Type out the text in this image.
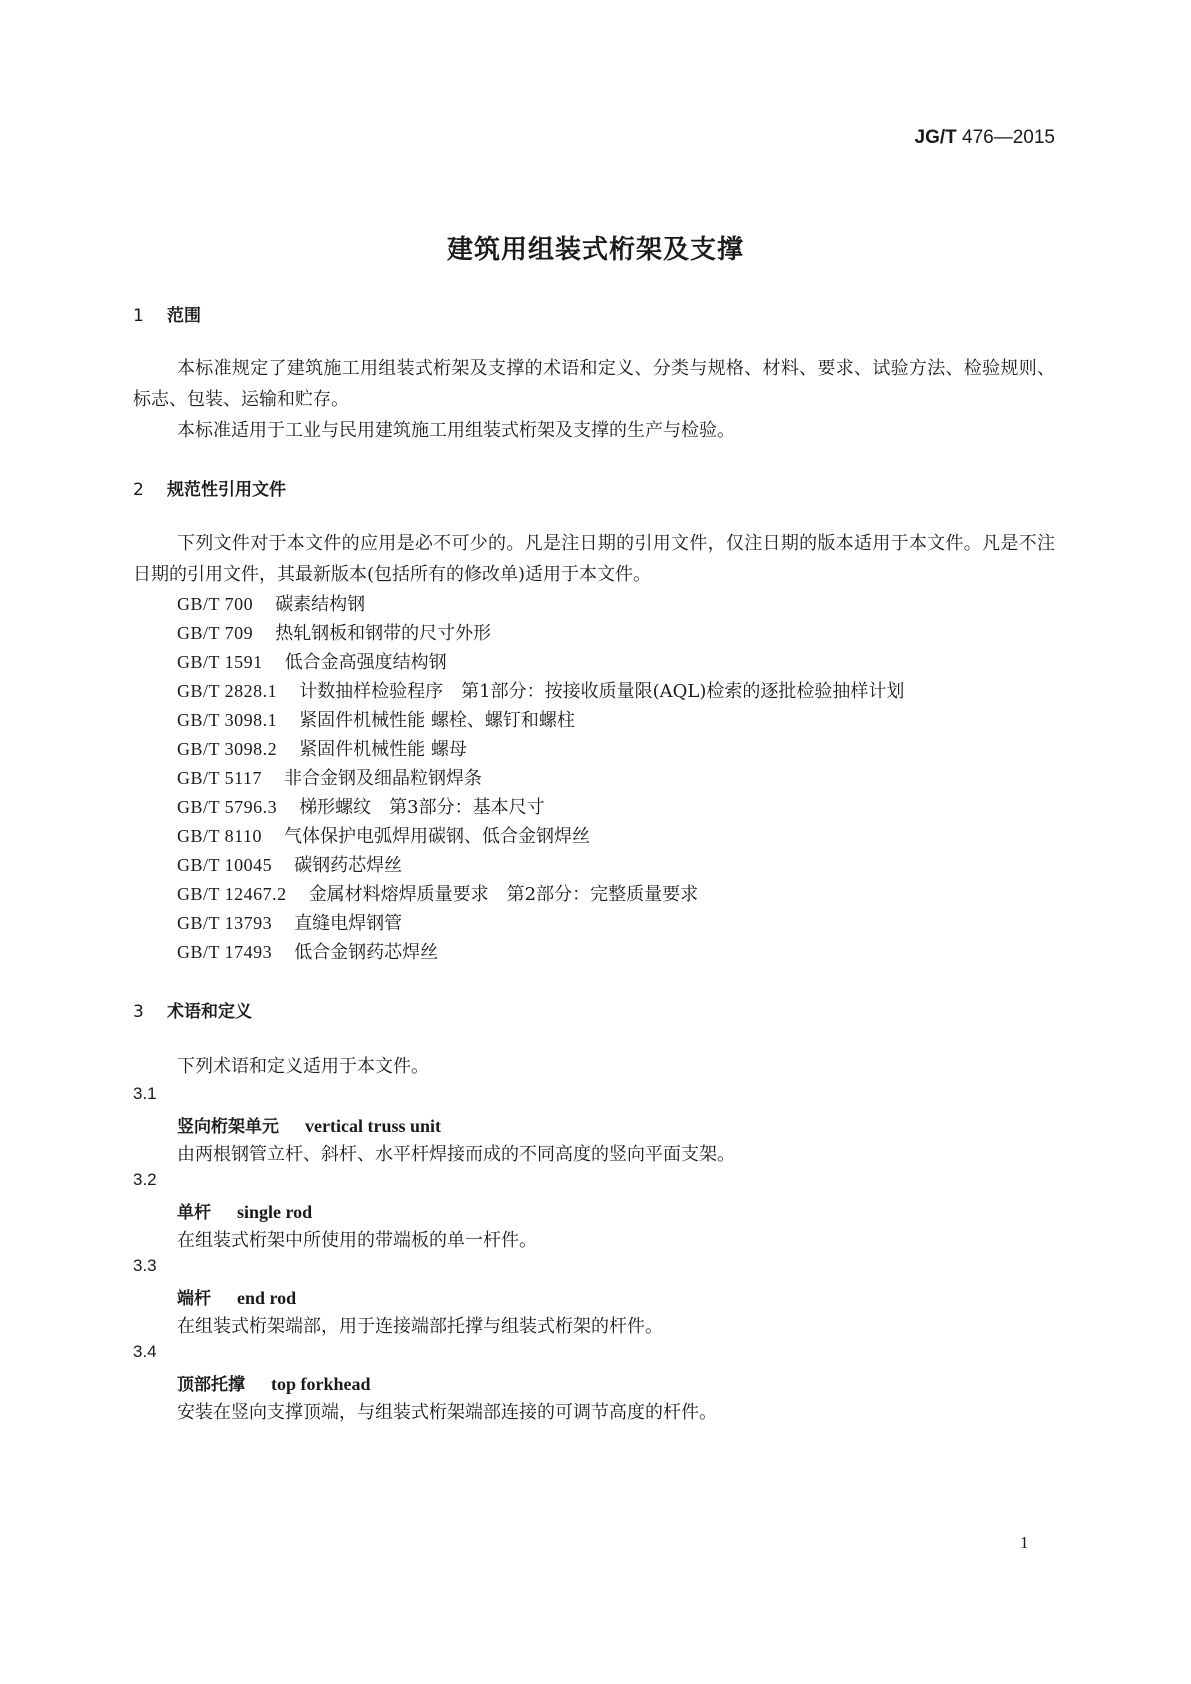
JG/T 476—2015
建筑用组装式桁架及支撑
1 范围

本标准规定了建筑施工用组装式桁架及支撑的术语和定义、分类与规格、材料、要求、试验方法、检验规则、标志、包装、运输和贮存。

本标准适用于工业与民用建筑施工用组装式桁架及支撑的生产与检验。

2 规范性引用文件

下列文件对于本文件的应用是必不可少的。凡是注日期的引用文件，仅注日期的版本适用于本文件。凡是不注日期的引用文件，其最新版本(包括所有的修改单)适用于本文件。

GB/T 700 碳素结构钢
GB/T 709 热轧钢板和钢带的尺寸外形
GB/T 1591 低合金高强度结构钢
GB/T 2828.1 计数抽样检验程序　第1部分：按接收质量限(AQL)检索的逐批检验抽样计划
GB/T 3098.1 紧固件机械性能 螺栓、螺钉和螺柱
GB/T 3098.2 紧固件机械性能 螺母
GB/T 5117 非合金钢及细晶粒钢焊条
GB/T 5796.3 梯形螺纹　第3部分：基本尺寸
GB/T 8110 气体保护电弧焊用碳钢、低合金钢焊丝
GB/T 10045 碳钢药芯焊丝
GB/T 12467.2 金属材料熔焊质量要求　第2部分：完整质量要求
GB/T 13793 直缝电焊钢管
GB/T 17493 低合金钢药芯焊丝
3 术语和定义

下列术语和定义适用于本文件。

3.1
竖向桁架单元 vertical truss unit
由两根钢管立杆、斜杆、水平杆焊接而成的不同高度的竖向平面支架。
3.2
单杆 single rod
在组装式桁架中所使用的带端板的单一杆件。
3.3
端杆 end rod
在组装式桁架端部，用于连接端部托撑与组装式桁架的杆件。
3.4
顶部托撑 top forkhead
安装在竖向支撑顶端，与组装式桁架端部连接的可调节高度的杆件。
1
